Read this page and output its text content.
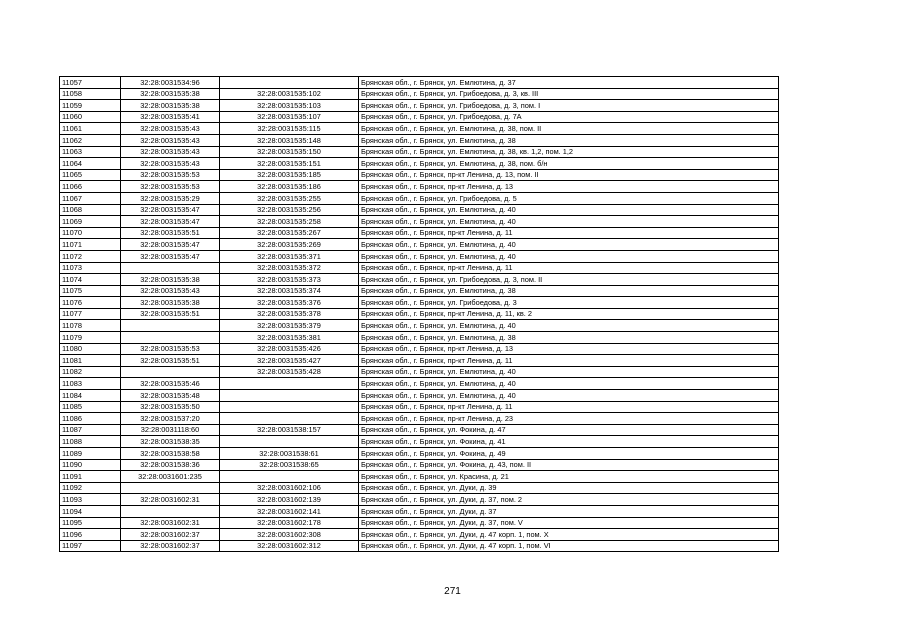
11057	32:28:0031534:96		Брянская обл., г. Брянск, ул. Емлютина, д. 37
11058	32:28:0031535:38	32:28:0031535:102	Брянская обл., г. Брянск, ул. Грибоедова, д. 3, кв. III
11059	32:28:0031535:38	32:28:0031535:103	Брянская обл., г. Брянск, ул. Грибоедова, д. 3, пом. I
11060	32:28:0031535:41	32:28:0031535:107	Брянская обл., г. Брянск, ул. Грибоедова, д. 7А
11061	32:28:0031535:43	32:28:0031535:115	Брянская обл., г. Брянск, ул. Емлютина, д. 38, пом. II
11062	32:28:0031535:43	32:28:0031535:148	Брянская обл., г. Брянск, ул. Емлютина, д. 38
11063	32:28:0031535:43	32:28:0031535:150	Брянская обл., г. Брянск, ул. Емлютина, д. 38, кв. 1,2, пом. 1,2
11064	32:28:0031535:43	32:28:0031535:151	Брянская обл., г. Брянск, ул. Емлютина, д. 38, пом. б/н
11065	32:28:0031535:53	32:28:0031535:185	Брянская обл., г. Брянск, пр-кт Ленина, д. 13, пом. II
11066	32:28:0031535:53	32:28:0031535:186	Брянская обл., г. Брянск, пр-кт Ленина, д. 13
11067	32:28:0031535:29	32:28:0031535:255	Брянская обл., г. Брянск, ул. Грибоедова, д. 5
11068	32:28:0031535:47	32:28:0031535:256	Брянская обл., г. Брянск, ул. Емлютина, д. 40
11069	32:28:0031535:47	32:28:0031535:258	Брянская обл., г. Брянск, ул. Емлютина, д. 40
11070	32:28:0031535:51	32:28:0031535:267	Брянская обл., г. Брянск, пр-кт Ленина, д. 11
11071	32:28:0031535:47	32:28:0031535:269	Брянская обл., г. Брянск, ул. Емлютина, д. 40
11072	32:28:0031535:47	32:28:0031535:371	Брянская обл., г. Брянск, ул. Емлютина, д. 40
11073		32:28:0031535:372	Брянская обл., г. Брянск, пр-кт Ленина, д. 11
11074	32:28:0031535:38	32:28:0031535:373	Брянская обл., г. Брянск, ул. Грибоедова, д. 3, пом. II
11075	32:28:0031535:43	32:28:0031535:374	Брянская обл., г. Брянск, ул. Емлютина, д. 38
11076	32:28:0031535:38	32:28:0031535:376	Брянская обл., г. Брянск, ул. Грибоедова, д. 3
11077	32:28:0031535:51	32:28:0031535:378	Брянская обл., г. Брянск, пр-кт Ленина, д. 11, кв. 2
11078		32:28:0031535:379	Брянская обл., г. Брянск, ул. Емлютина, д. 40
11079		32:28:0031535:381	Брянская обл., г. Брянск, ул. Емлютина, д. 38
11080	32:28:0031535:53	32:28:0031535:426	Брянская обл., г. Брянск, пр-кт Ленина, д. 13
11081	32:28:0031535:51	32:28:0031535:427	Брянская обл., г. Брянск, пр-кт Ленина, д. 11
11082		32:28:0031535:428	Брянская обл., г. Брянск, ул. Емлютина, д. 40
11083	32:28:0031535:46		Брянская обл., г. Брянск, ул. Емлютина, д. 40
11084	32:28:0031535:48		Брянская обл., г. Брянск, ул. Емлютина, д. 40
11085	32:28:0031535:50		Брянская обл., г. Брянск, пр-кт Ленина, д. 11
11086	32:28:0031537:20		Брянская обл., г. Брянск, пр-кт Ленина, д. 23
11087	32:28:0031118:60	32:28:0031538:157	Брянская обл., г. Брянск, ул. Фокина, д. 47
11088	32:28:0031538:35		Брянская обл., г. Брянск, ул. Фокина, д. 41
11089	32:28:0031538:58	32:28:0031538:61	Брянская обл., г. Брянск, ул. Фокина, д. 49
11090	32:28:0031538:36	32:28:0031538:65	Брянская обл., г. Брянск, ул. Фокина, д. 43, пом. II
11091	32:28:0031601:235		Брянская обл., г. Брянск, ул. Красина, д. 21
11092		32:28:0031602:106	Брянская обл., г. Брянск, ул. Дуки, д. 39
11093	32:28:0031602:31	32:28:0031602:139	Брянская обл., г. Брянск, ул. Дуки, д. 37, пом. 2
11094		32:28:0031602:141	Брянская обл., г. Брянск, ул. Дуки, д. 37
11095	32:28:0031602:31	32:28:0031602:178	Брянская обл., г. Брянск, ул. Дуки, д. 37, пом. V
11096	32:28:0031602:37	32:28:0031602:308	Брянская обл., г. Брянск, ул. Дуки, д. 47 корп. 1, пом. X
11097	32:28:0031602:37	32:28:0031602:312	Брянская обл., г. Брянск, ул. Дуки, д. 47 корп. 1, пом. VI
271
